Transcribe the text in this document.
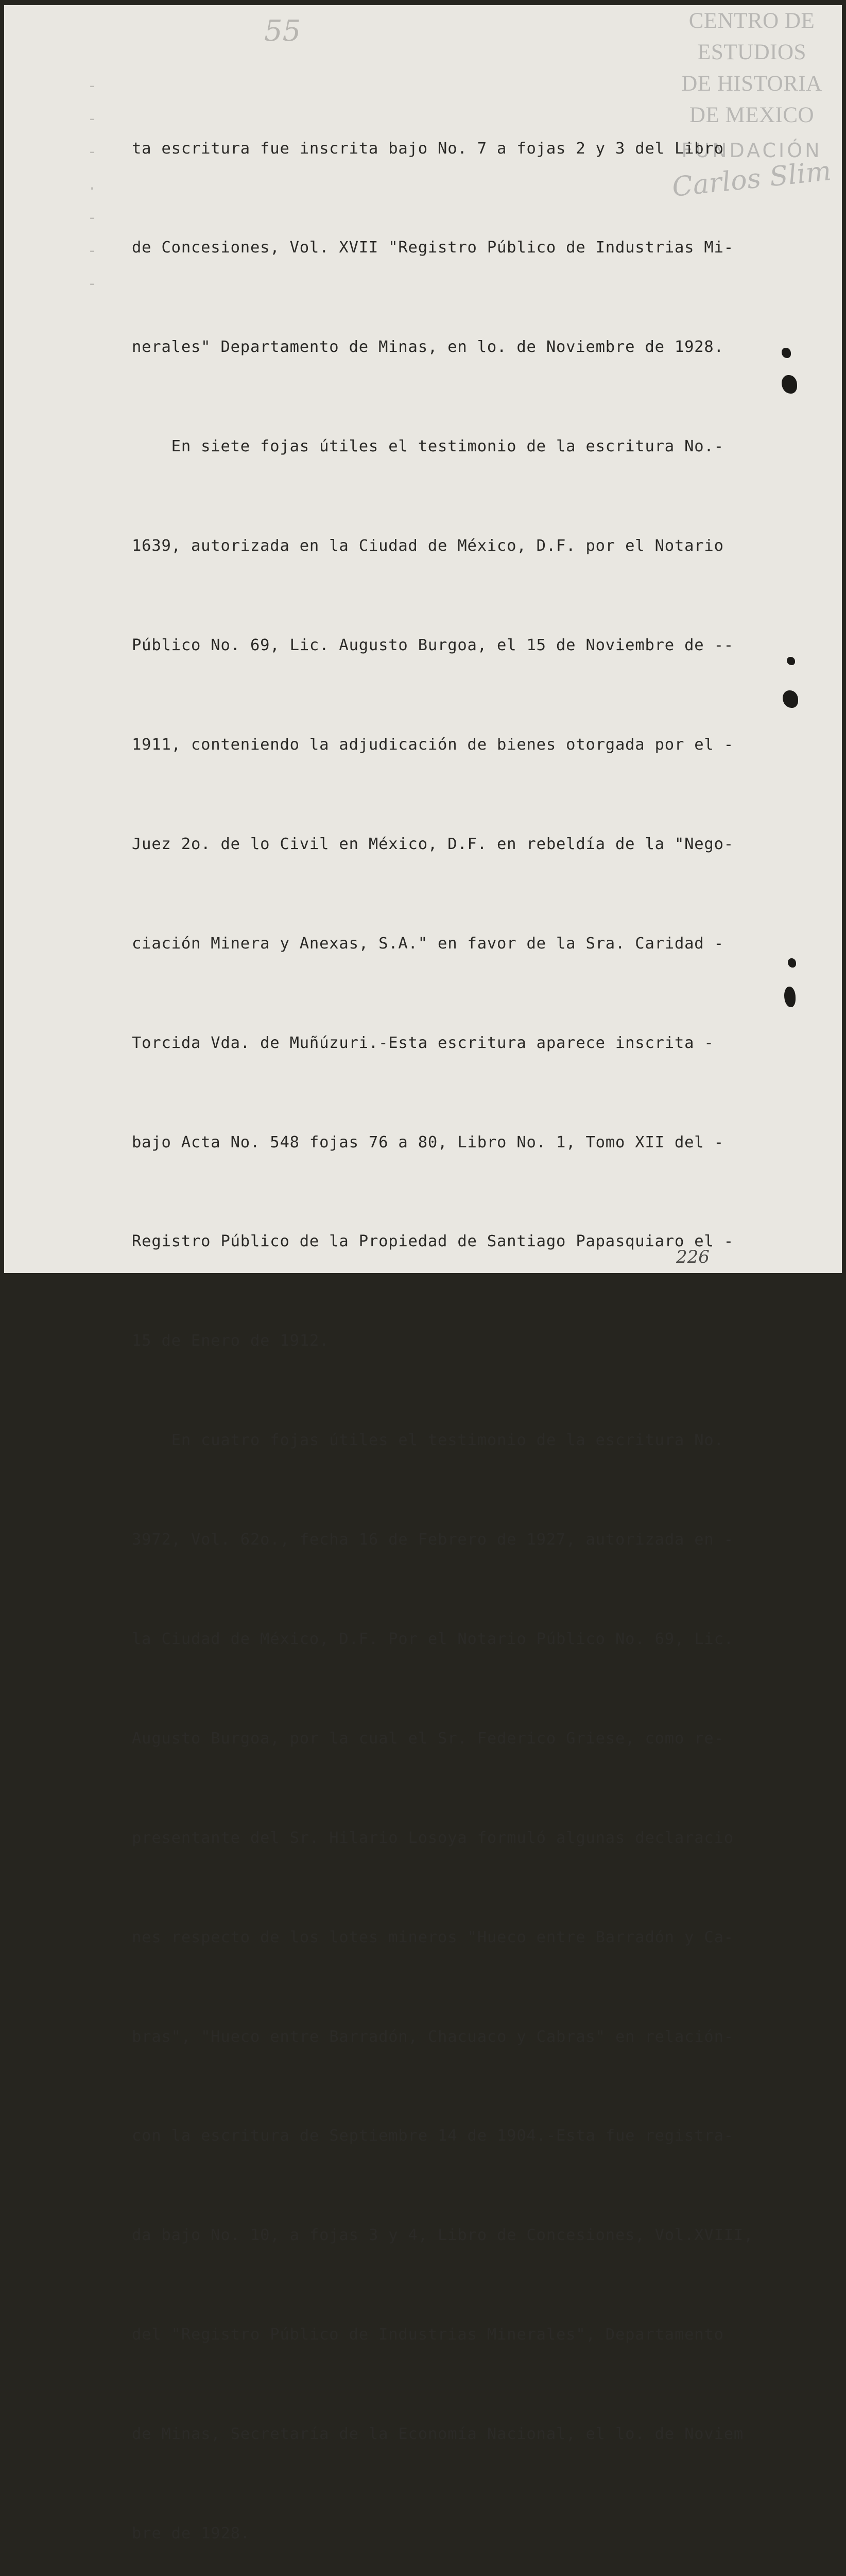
55	CENTRO DE
ESTUDIOS
DE HISTORIA
DE MEXICO
FUNDACIÓN
Carlos Slim
-
-
-
.
-
-
-

ta escritura fue inscrita bajo No. 7 a fojas 2 y 3 del Libro

de Concesiones, Vol. XVII "Registro Público de Industrias Mi-

nerales" Departamento de Minas, en lo. de Noviembre de 1928.

En siete fojas útiles el testimonio de la escritura No.-

1639, autorizada en la Ciudad de México, D.F. por el Notario

Público No. 69, Lic. Augusto Burgoa, el 15 de Noviembre de --

1911, conteniendo la adjudicación de bienes otorgada por el -

Juez 2o. de lo Civil en México, D.F. en rebeldía de la "Nego-

ciación Minera y Anexas, S.A." en favor de la Sra. Caridad -

Torcida Vda. de Muñúzuri.-Esta escritura aparece inscrita -

bajo Acta No. 548 fojas 76 a 80, Libro No. 1, Tomo XII del -

Registro Público de la Propiedad de Santiago Papasquiaro el -

15 de Enero de 1912.

En cuatro fojas útiles el testimonio de la escritura No.

3972, Vol. 62o., fecha 16 de Febrero de 1927, autorizada en -

la Ciudad de México, D.F. Por el Notario Público No. 69, Lic.

Augusto Burgoa, por la cual el Sr. Federico Griese, como re-

presentante del Sr. Hilario Losoya formuló algunas declaracio

nes respecto de los lotes mineros "Hueco entre Barradón y Ca-

bras", "Hueco entre Barradón, Chacuaco y Cabras" en relación-

con la escritura de Septiembre 14 de 1904.-Esta fue registra-

da bajo No. 10, a fojas 3 y 4, Libro de Concesiones, Vol.XVIII,

del "Registro Público de Industrias Minerales", Departamento

de Minas, Secretaría de la Economía Nacional, el lo. de Noviem

bre de 1928.

226
